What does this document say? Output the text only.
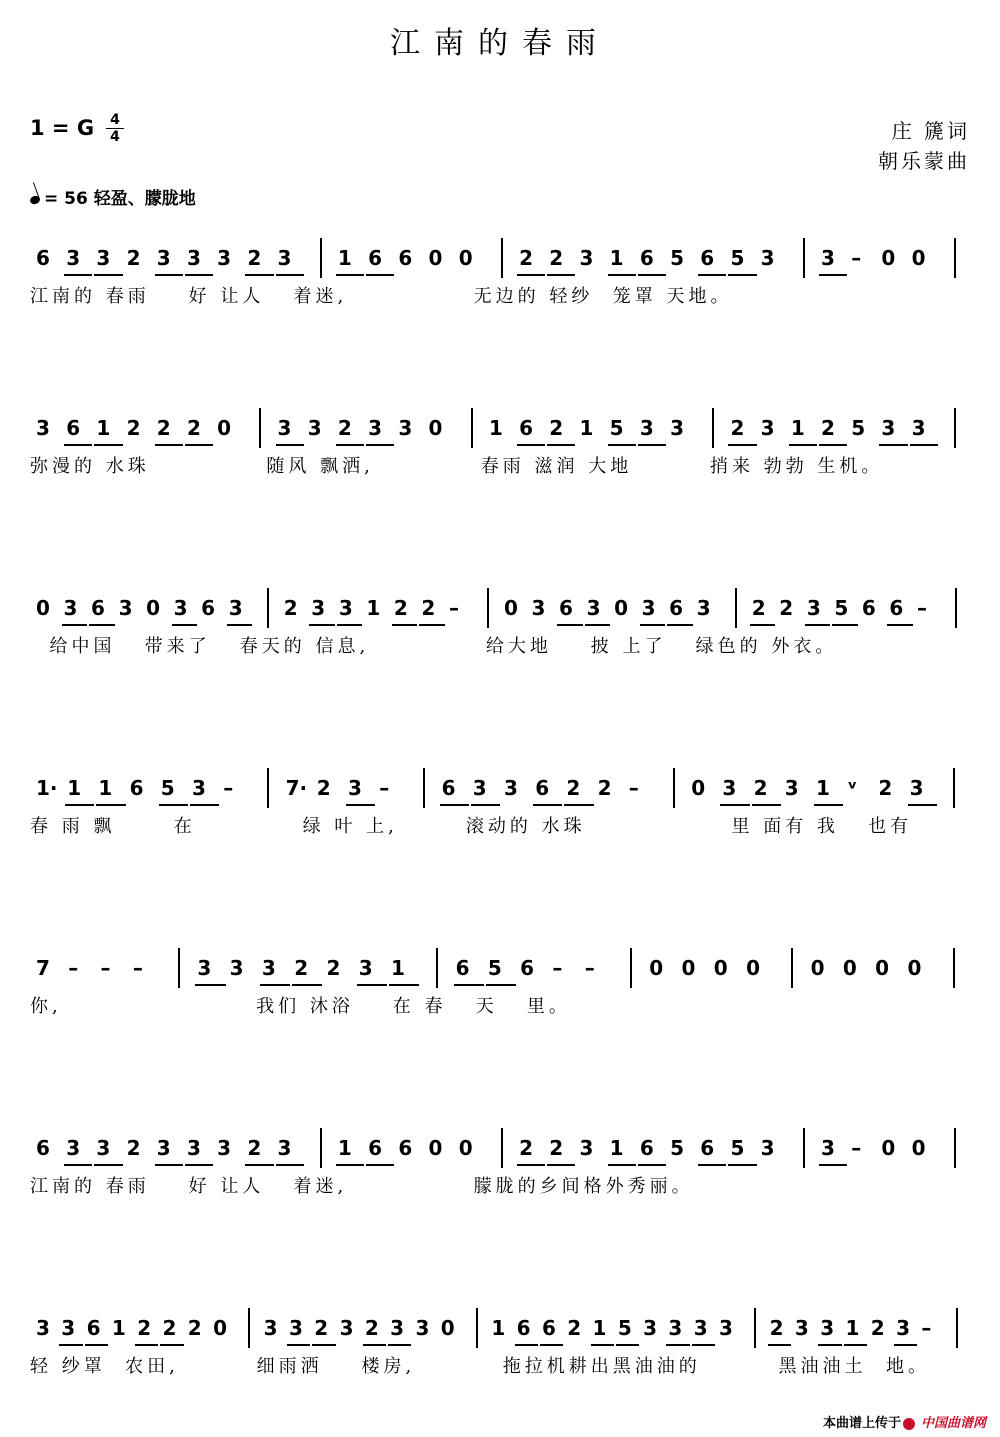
江南的春雨
1 = G	4
4	庄 篪词
朝乐蒙曲
= 56 轻盈、朦胧地
6 3 3 2 3 3 3 2 3 1 6 6 0 0 2 2 3 1 6 5 6 5 3 3 – 0 0
江南的 春雨    好 让人   着迷,             无边的 轻纱  笼罩 天地。
3 6 1 2 2 2 0 3 3 2 3 3 0 1 6 2 1 5 3 3 2 3 1 2 5 3 3
弥漫的 水珠            随风 飘洒,           春雨 滋润 大地        捎来 勃勃 生机。
0 3 6 3 0 3 6 3 2 3 3 1 2 2 – 0 3 6 3 0 3 6 3 2 2 3 5 6 6 –
给中国   带来了   春天的 信息,            给大地    披 上了   绿色的 外衣。
1· 1 1 6 5 3 –	7· 2 3 –	6 3 3 6 2 2 –	0 3 2 3 1 ᵛ 2 3
春 雨 飘      在           绿 叶 上,       滚动的 水珠               里 面有 我   也有
7 – – –	3 3 3 2 2 3 1	6 5 6 – –	0 0 0 0	0 0 0 0
你,                    我们 沐浴    在 春   天   里。
6 3 3 2 3 3 3 2 3 1 6 6 0 0 2 2 3 1 6 5 6 5 3 3 – 0 0
江南的 春雨    好 让人   着迷,             朦胧的乡间格外秀丽。
3 3 6 1 2 2 2 0 3 3 2 3 2 3 3 0 1 6 6 2 1 5 3 3 3 3 2 3 3 1 2 3 –
轻 纱罩  农田,        细雨洒    楼房,         拖拉机耕出黑油油的        黑油油土  地。
本曲谱上传于 中国曲谱网
